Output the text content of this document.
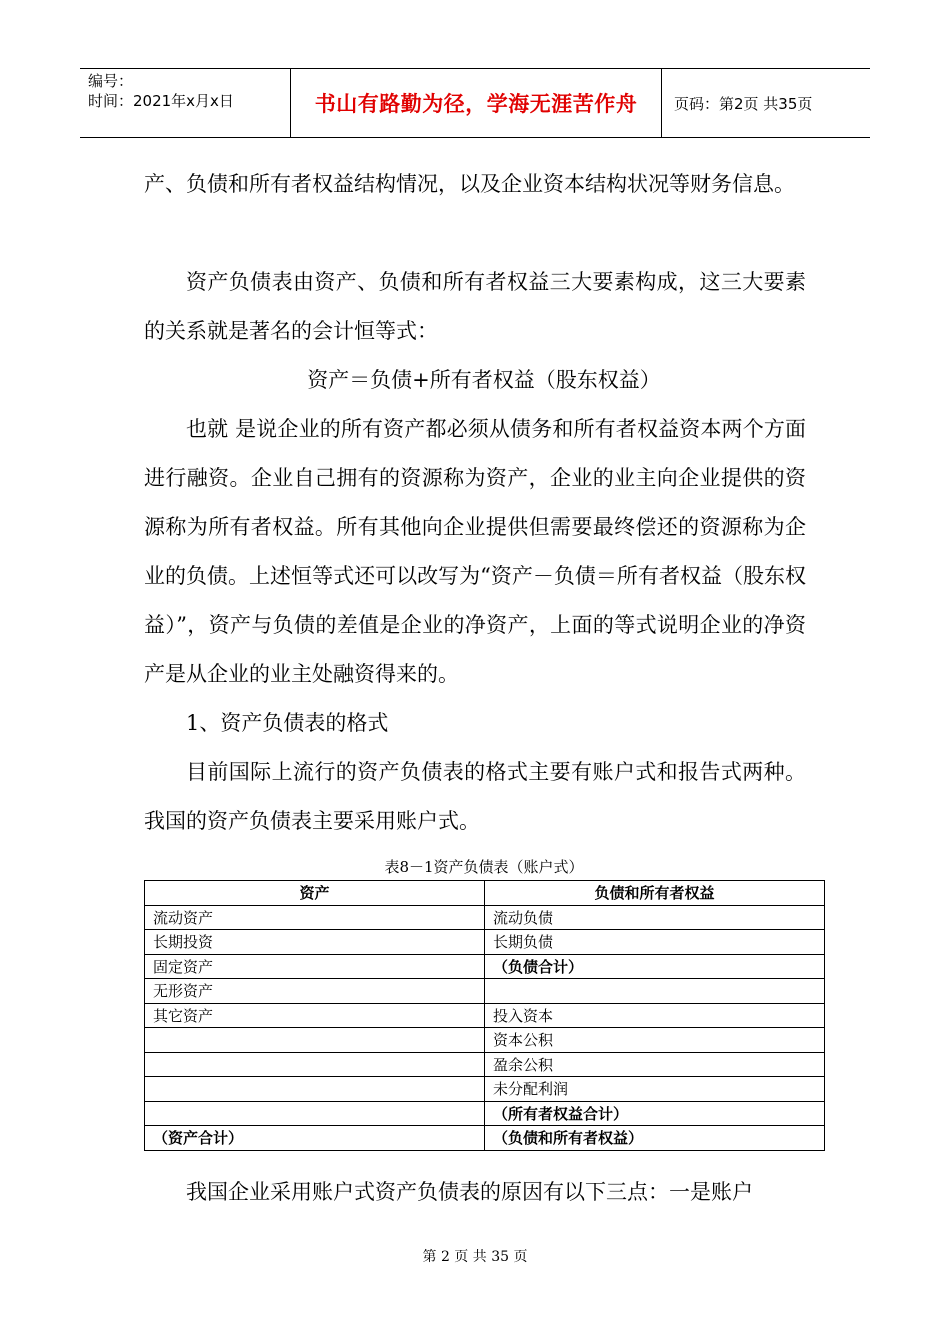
编号：
时间：2021年x月x日	书山有路勤为径，学海无涯苦作舟	页码：第2页 共35页

产、负债和所有者权益结构情况，以及企业资本结构状况等财务信息。

资产负债表由资产、负债和所有者权益三大要素构成，这三大要素的关系就是著名的会计恒等式：

资产＝负债+所有者权益（股东权益）

也就 是说企业的所有资产都必须从债务和所有者权益资本两个方面进行融资。企业自己拥有的资源称为资产，企业的业主向企业提供的资源称为所有者权益。所有其他向企业提供但需要最终偿还的资源称为企业的负债。上述恒等式还可以改写为“资产－负债＝所有者权益（股东权益）”，资产与负债的差值是企业的净资产，上面的等式说明企业的净资产是从企业的业主处融资得来的。

1、资产负债表的格式

目前国际上流行的资产负债表的格式主要有账户式和报告式两种。我国的资产负债表主要采用账户式。

表8－1资产负债表（账户式）
资产	负债和所有者权益
流动资产	流动负债
长期投资	长期负债
固定资产	（负债合计）
无形资产	
其它资产	投入资本
	资本公积
	盈余公积
	未分配利润
	（所有者权益合计）
（资产合计）	（负债和所有者权益）

我国企业采用账户式资产负债表的原因有以下三点：一是账户

第 2 页 共 35 页
